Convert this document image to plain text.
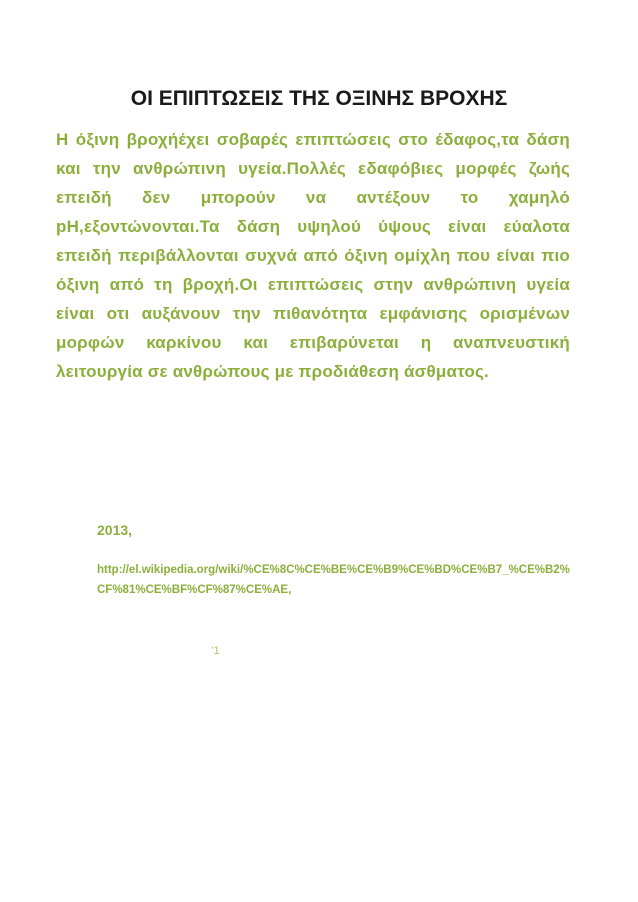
ΟΙ ΕΠΙΠΤΩΣΕΙΣ ΤΗΣ ΟΞΙΝΗΣ ΒΡΟΧΗΣ

Η όξινη βροχήέχει σοβαρές επιπτώσεις στο έδαφος,τα δάση και την ανθρώπινη υγεία.Πολλές εδαφόβιες μορφές ζωής επειδή δεν μπορούν να αντέξουν το χαμηλό pH,εξοντώνονται.Τα δάση υψηλού ύψους είναι εύαλοτα επειδή περιβάλλονται συχνά από όξινη ομίχλη που είναι πιο όξινη από τη βροχή.Οι επιπτώσεις στην ανθρώπινη υγεία είναι οτι αυξάνουν την πιθανότητα εμφάνισης ορισμένων μορφών καρκίνου και επιβαρύνεται η αναπνευστική λειτουργία σε ανθρώπους με προδιάθεση άσθματος.

2013,

http://el.wikipedia.org/wiki/%CE%8C%CE%BE%CE%B9%CE%BD%CE%B7_%CE%B2%CF%81%CE%BF%CF%87%CE%AE,

’1
